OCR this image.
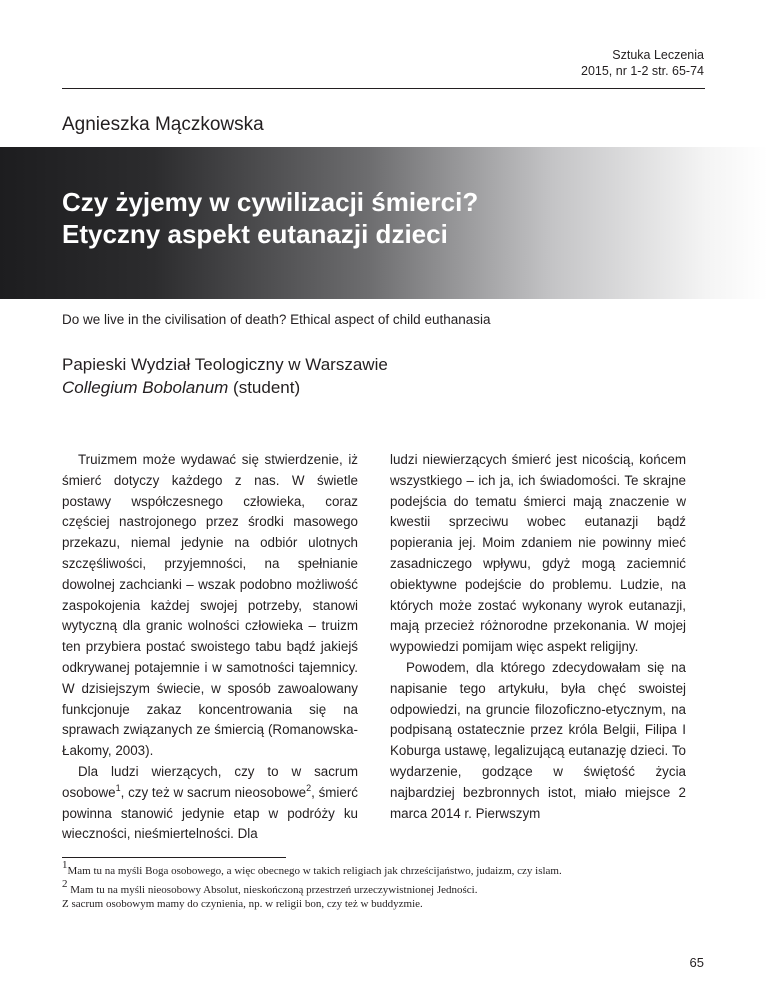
Sztuka Leczenia
2015, nr 1-2 str. 65-74
Agnieszka Mączkowska
Czy żyjemy w cywilizacji śmierci?
Etyczny aspekt eutanazji dzieci
Do we live in the civilisation of death? Ethical aspect of child euthanasia
Papieski Wydział Teologiczny w Warszawie
Collegium Bobolanum (student)

Truizmem może wydawać się stwierdzenie, iż śmierć dotyczy każdego z nas. W świetle postawy współczesnego człowieka, coraz częściej nastrojonego przez środki masowego przekazu, niemal jedynie na odbiór ulotnych szczęśliwości, przyjemności, na spełnianie dowolnej zachcianki – wszak podobno możliwość zaspokojenia każdej swojej potrzeby, stanowi wytyczną dla granic wolności człowieka – truizm ten przybiera postać swoistego tabu bądź jakiejś odkrywanej potajemnie i w samotności tajemnicy. W dzisiejszym świecie, w sposób zawoalowany funkcjonuje zakaz koncentrowania się na sprawach związanych ze śmiercią (Romanowska-Łakomy, 2003).

Dla ludzi wierzących, czy to w sacrum osobowe$^1$, czy też w sacrum nieosobowe$^2$, śmierć powinna stanowić jedynie etap w podróży ku wieczności, nieśmiertelności. Dla

ludzi niewierzących śmierć jest nicością, końcem wszystkiego – ich ja, ich świadomości. Te skrajne podejścia do tematu śmierci mają znaczenie w kwestii sprzeciwu wobec eutanazji bądź popierania jej. Moim zdaniem nie powinny mieć zasadniczego wpływu, gdyż mogą zaciemnić obiektywne podejście do problemu. Ludzie, na których może zostać wykonany wyrok eutanazji, mają przecież różnorodne przekonania. W mojej wypowiedzi pomijam więc aspekt religijny.

Powodem, dla którego zdecydowałam się na napisanie tego artykułu, była chęć swoistej odpowiedzi, na gruncie filozoficzno-etycznym, na podpisaną ostatecznie przez króla Belgii, Filipa I Koburga ustawę, legalizującą eutanazję dzieci. To wydarzenie, godzące w świętość życia najbardziej bezbronnych istot, miało miejsce 2 marca 2014 r. Pierwszym

$^1$Mam tu na myśli Boga osobowego, a więc obecnego w takich religiach jak chrześcijaństwo, judaizm, czy islam.

$^2$ Mam tu na myśli nieosobowy Absolut, nieskończoną przestrzeń urzeczywistnionej Jedności.
Z sacrum osobowym mamy do czynienia, np. w religii bon, czy też w buddyzmie.

65
